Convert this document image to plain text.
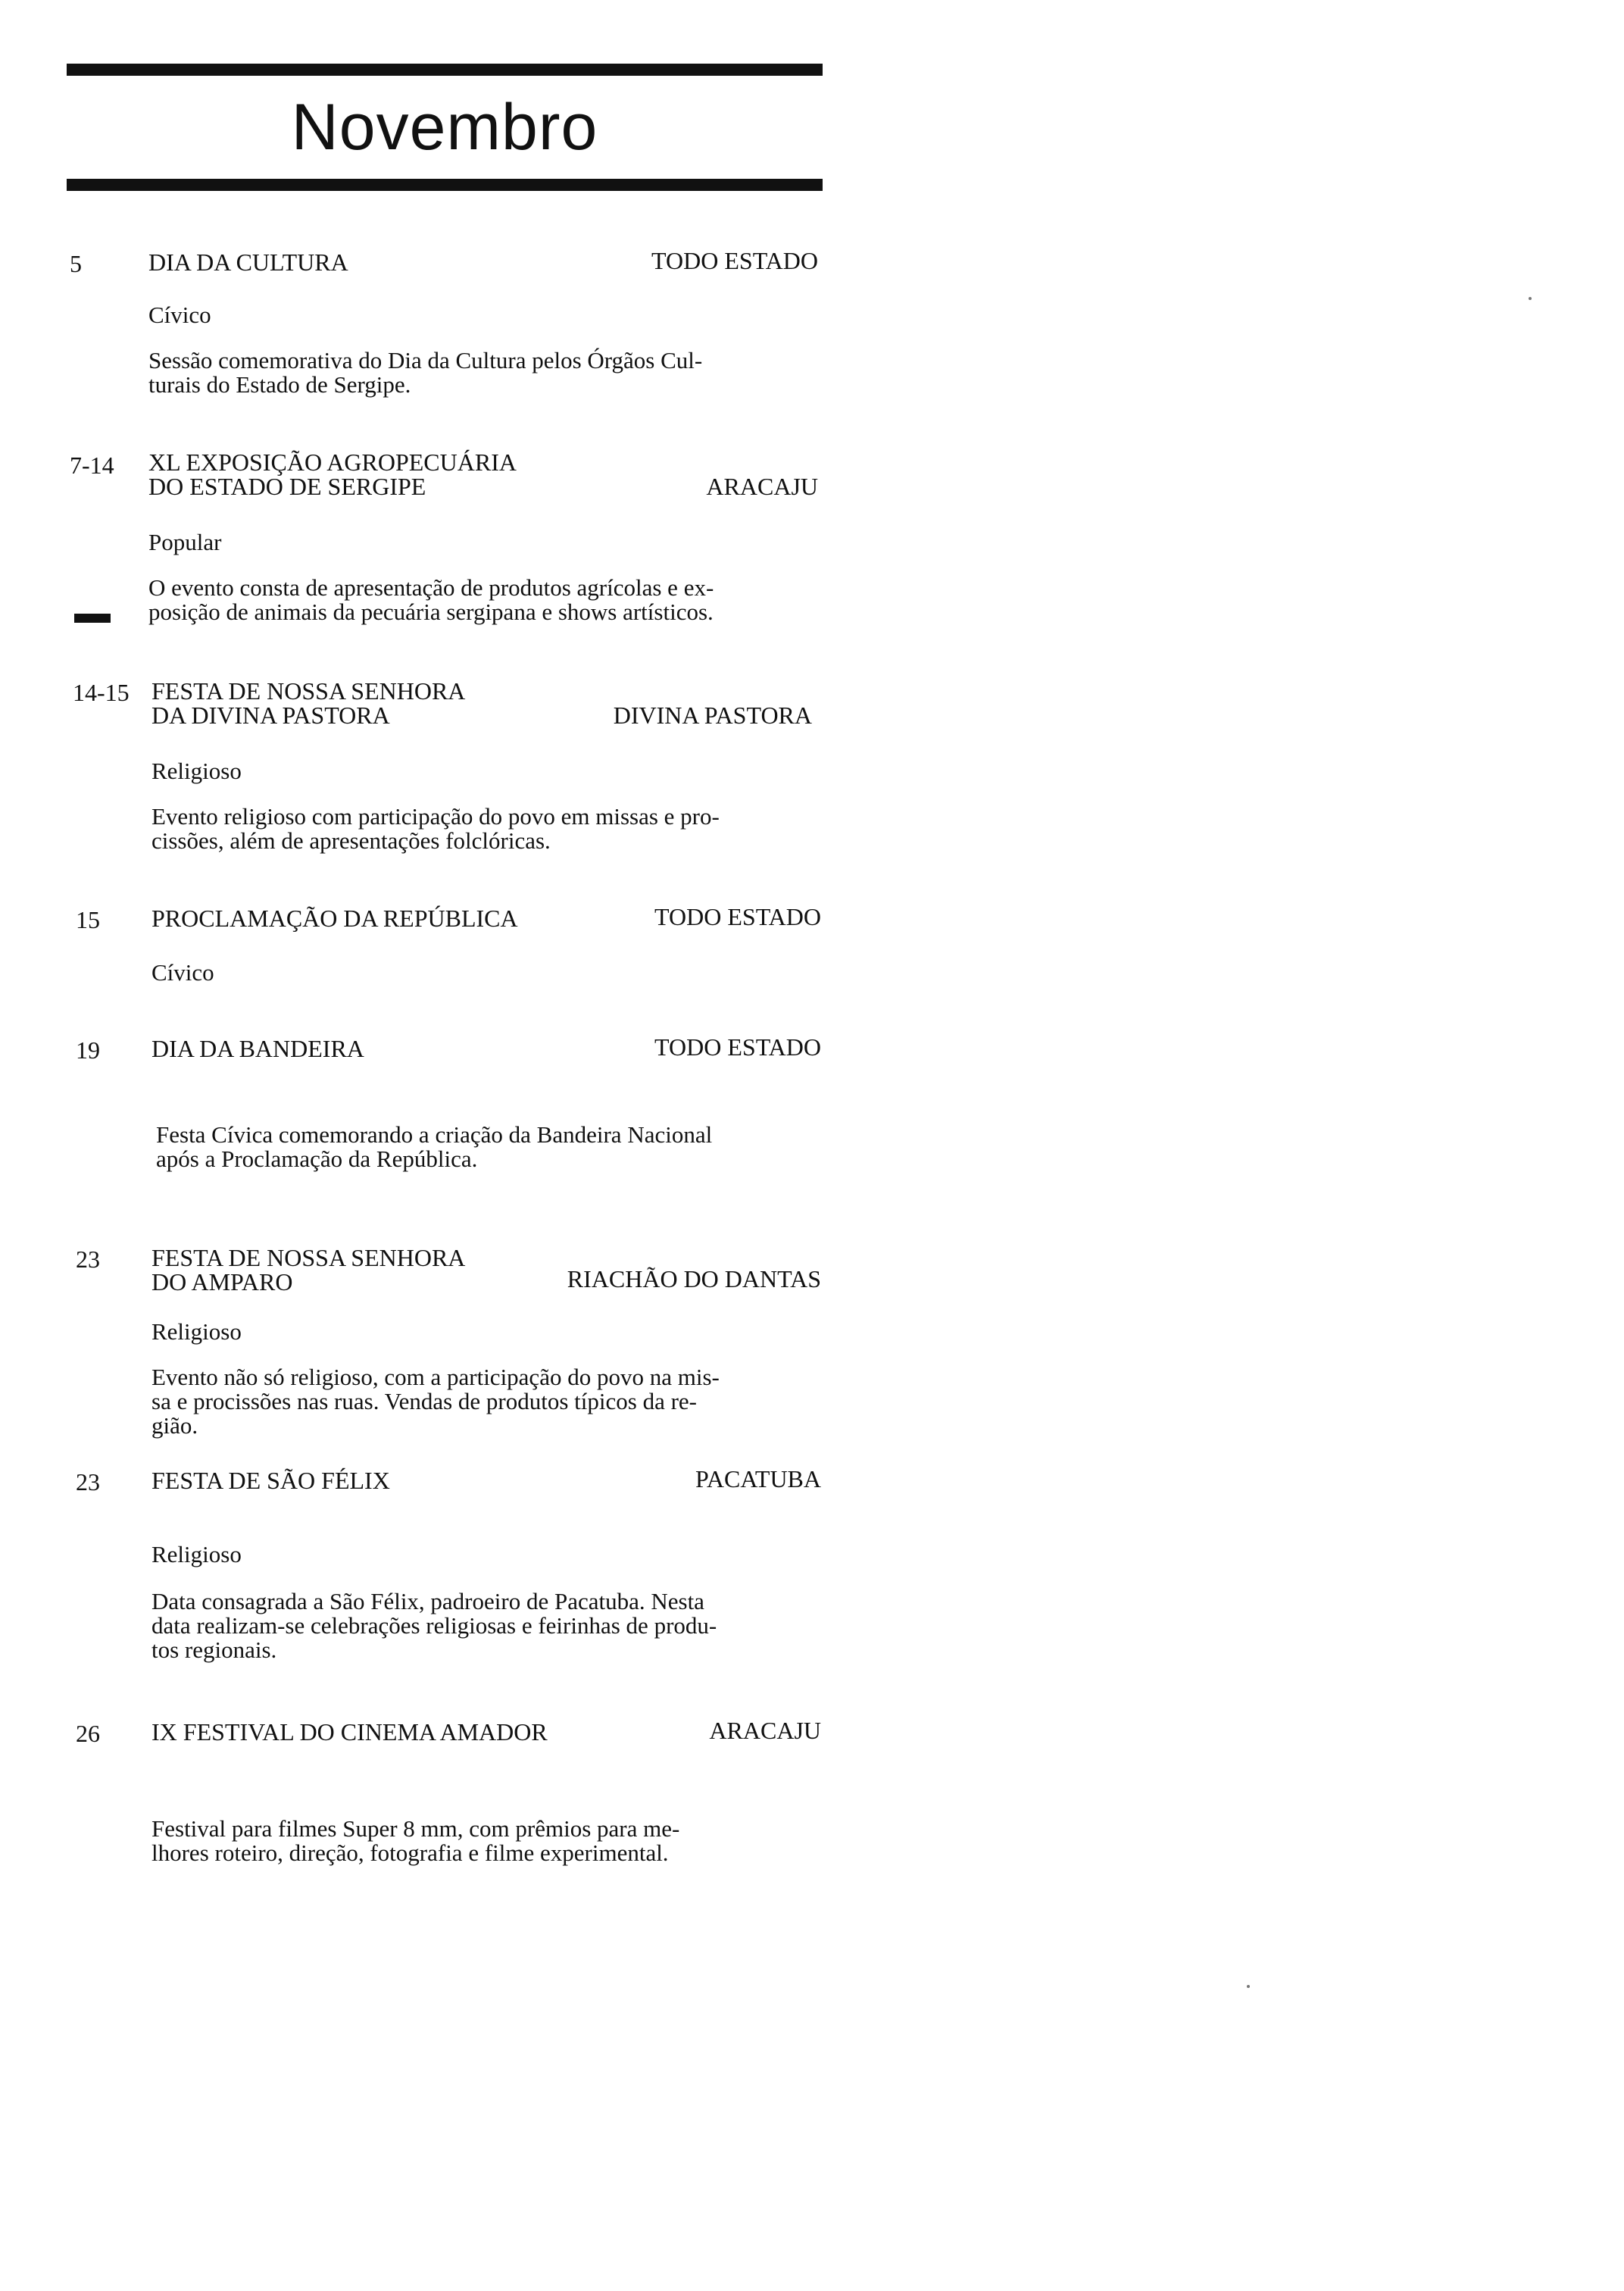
Novembro
5	DIA DA CULTURA	TODO ESTADO
Cívico
Sessão comemorativa do Dia da Cultura pelos Órgãos Cul-
turais do Estado de Sergipe.
7-14 XL EXPOSIÇÃO AGROPECUÁRIA
DO ESTADO DE SERGIPE	ARACAJU
Popular
O evento consta de apresentação de produtos agrícolas e ex-
posição de animais da pecuária sergipana e shows artísticos.
14-15 FESTA DE NOSSA SENHORA
DA DIVINA PASTORA	DIVINA PASTORA
Religioso
Evento religioso com participação do povo em missas e pro-
cissões, além de apresentações folclóricas.
15 PROCLAMAÇÃO DA REPÚBLICA	TODO ESTADO
Cívico
19 DIA DA BANDEIRA	TODO ESTADO
Festa Cívica comemorando a criação da Bandeira Nacional
após a Proclamação da República.
23 FESTA DE NOSSA SENHORA
DO AMPARO	RIACHÃO DO DANTAS
Religioso
Evento não só religioso, com a participação do povo na mis-
sa e procissões nas ruas. Vendas de produtos típicos da re-
gião.
23 FESTA DE SÃO FÉLIX	PACATUBA
Religioso
Data consagrada a São Félix, padroeiro de Pacatuba. Nesta
data realizam-se celebrações religiosas e feirinhas de produ-
tos regionais.
26 IX FESTIVAL DO CINEMA AMADOR	ARACAJU
Festival para filmes Super 8 mm, com prêmios para me-
lhores roteiro, direção, fotografia e filme experimental.
